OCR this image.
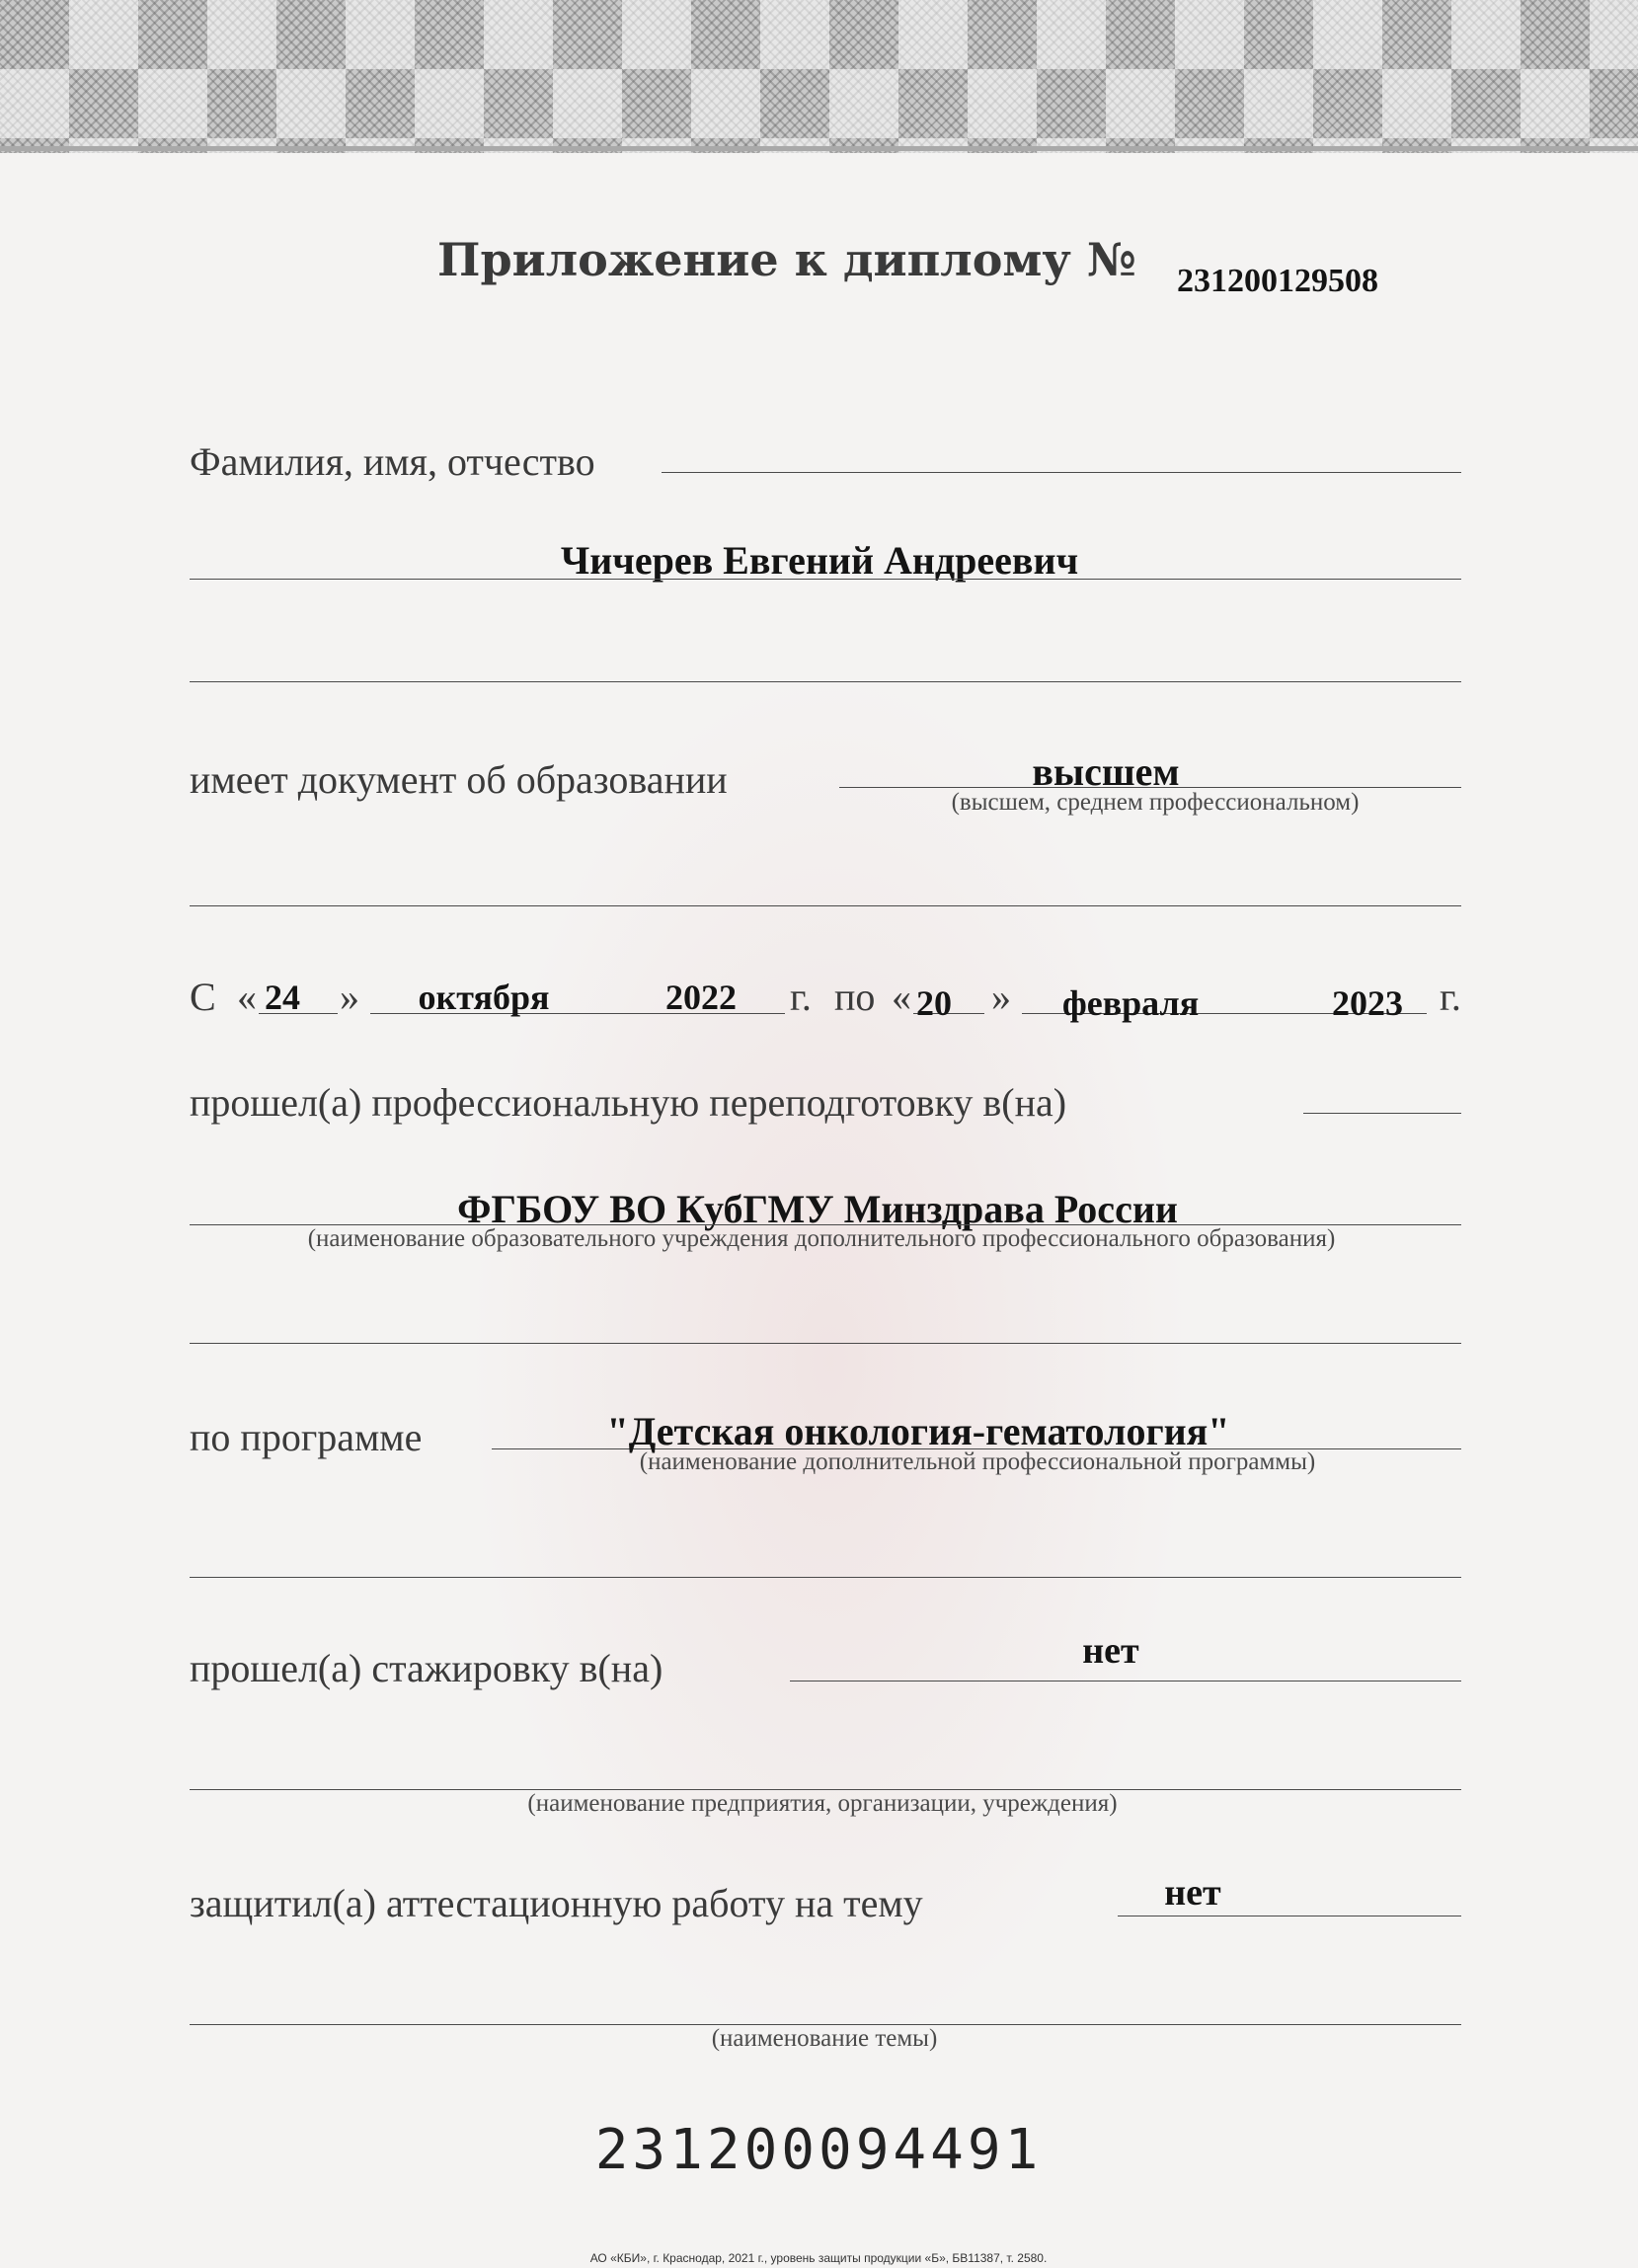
Приложение к диплому № 231200129508
Фамилия, имя, отчество
Чичерев Евгений Андреевич
имеет документ об образовании	высшем
(высшем, среднем профессиональном)
С « 24 » октября	2022 г. по « 20 » февраля	2023 г.
прошел(а) профессиональную переподготовку в(на)
ФГБОУ ВО КубГМУ Минздрава России
(наименование образовательного учреждения дополнительного профессионального образования)
по программе	"Детская онкология-гематология"
(наименование дополнительной профессиональной программы)
прошел(а) стажировку в(на)	нет
(наименование предприятия, организации, учреждения)
защитил(а) аттестационную работу на тему	нет
(наименование темы)
231200094491
АО «КБИ», г. Краснодар, 2021 г., уровень защиты продукции «Б», БВ11387, т. 2580.
